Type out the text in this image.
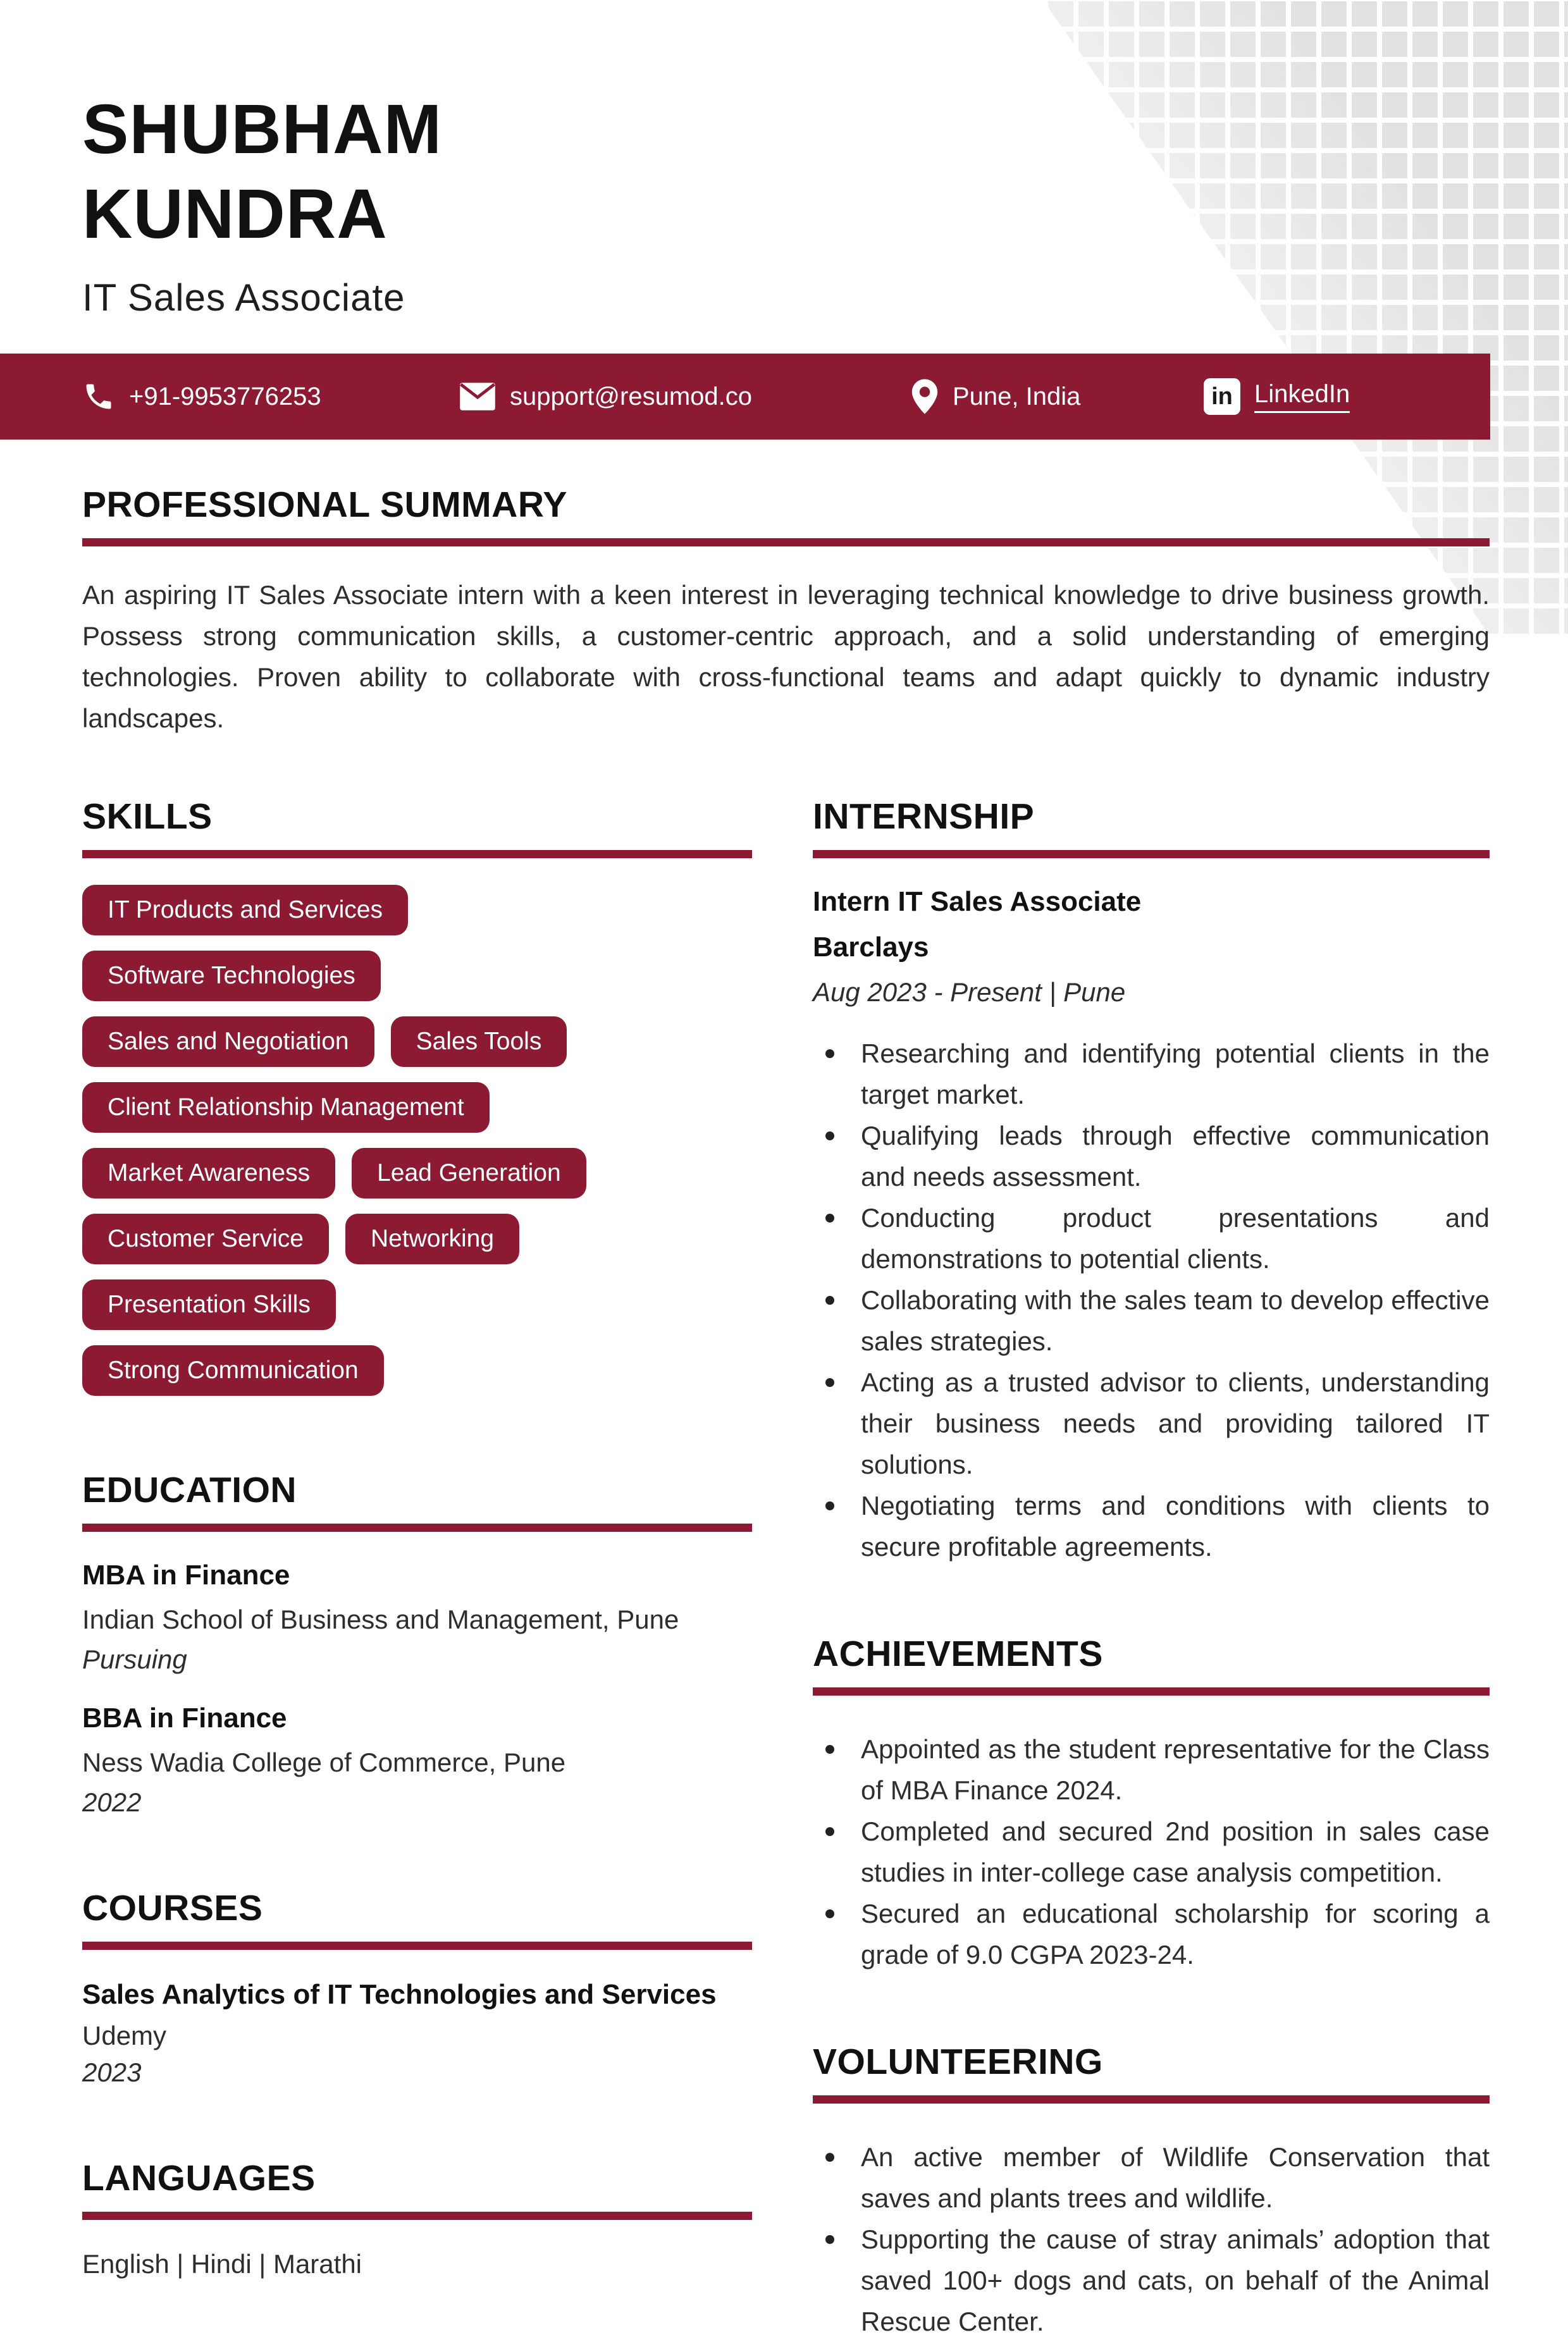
SHUBHAM
KUNDRA
IT Sales Associate
+91-9953776253	support@resumod.co	Pune, India	in LinkedIn
PROFESSIONAL SUMMARY

An aspiring IT Sales Associate intern with a keen interest in leveraging technical knowledge to drive business growth. Possess strong communication skills, a customer-centric approach, and a solid understanding of emerging technologies. Proven ability to collaborate with cross-functional teams and adapt quickly to dynamic industry landscapes.

SKILLS
IT Products and Services
Software Technologies
Sales and Negotiation	Sales Tools
Client Relationship Management
Market Awareness	Lead Generation
Customer Service	Networking
Presentation Skills
Strong Communication
EDUCATION
MBA in Finance
Indian School of Business and Management, Pune
Pursuing
BBA in Finance
Ness Wadia College of Commerce, Pune
2022
COURSES
Sales Analytics of IT Technologies and Services
Udemy
2023
LANGUAGES
English | Hindi | Marathi
INTERNSHIP
Intern IT Sales Associate
Barclays
Aug 2023 - Present | Pune
Researching and identifying potential clients in the target market.
Qualifying leads through effective communication and needs assessment.
Conducting product presentations and demonstrations to potential clients.
Collaborating with the sales team to develop effective sales strategies.
Acting as a trusted advisor to clients, understanding their business needs and providing tailored IT solutions.
Negotiating terms and conditions with clients to secure profitable agreements.
ACHIEVEMENTS
Appointed as the student representative for the Class of MBA Finance 2024.
Completed and secured 2nd position in sales case studies in inter-college case analysis competition.
Secured an educational scholarship for scoring a grade of 9.0 CGPA 2023-24.
VOLUNTEERING
An active member of Wildlife Conservation that saves and plants trees and wildlife.
Supporting the cause of stray animals’ adoption that saved 100+ dogs and cats, on behalf of the Animal Rescue Center.
